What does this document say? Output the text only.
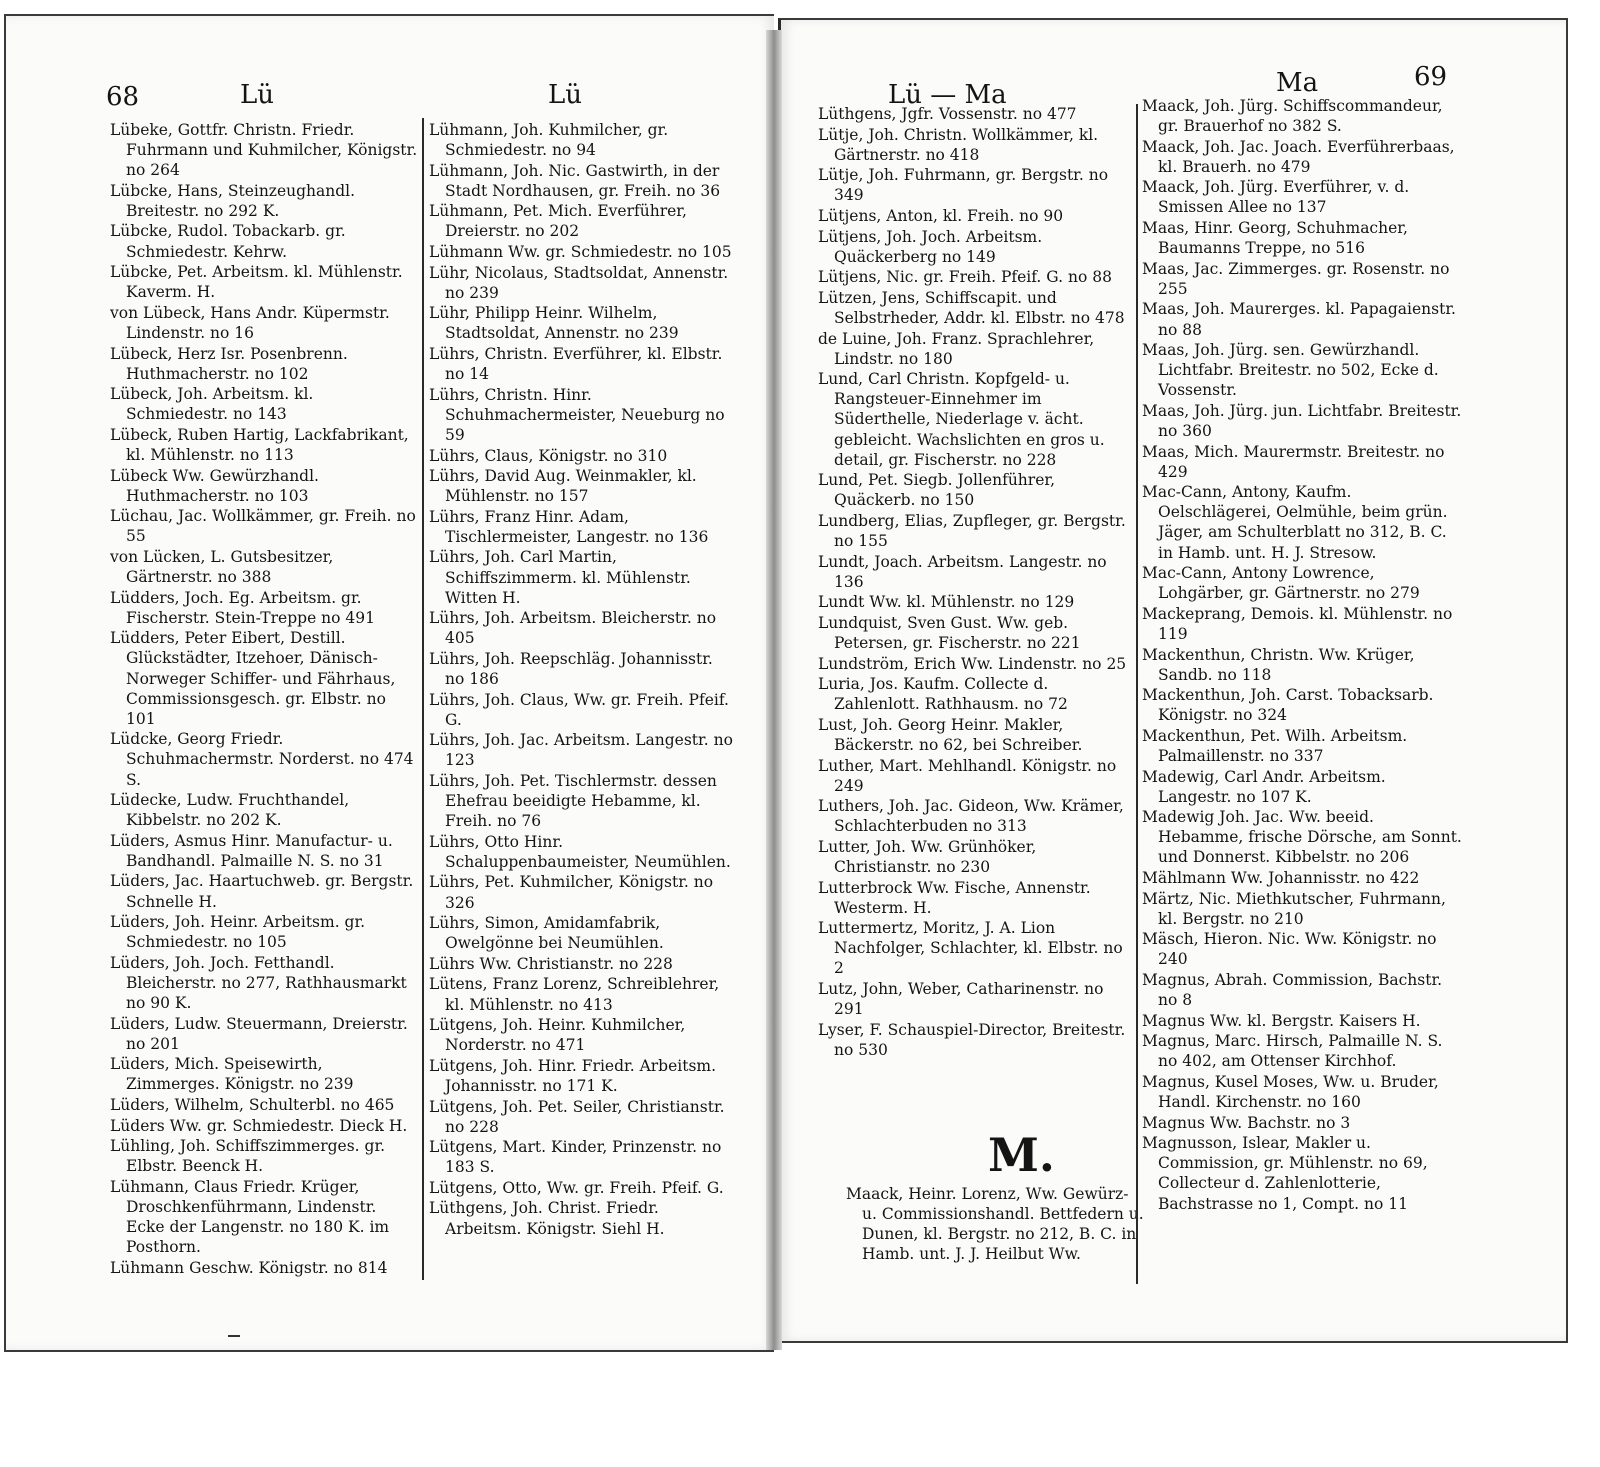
68	Lü	Lü

Lübeke, Gottfr. Christn. Friedr. Fuhrmann und Kuhmilcher, Königstr. no 264

Lübcke, Hans, Steinzeughandl. Breitestr. no 292 K.

Lübcke, Rudol. Tobackarb. gr. Schmiedestr. Kehrw.

Lübcke, Pet. Arbeitsm. kl. Mühlenstr. Kaverm. H.

von Lübeck, Hans Andr. Küpermstr. Lindenstr. no 16

Lübeck, Herz Isr. Posenbrenn. Huthmacherstr. no 102

Lübeck, Joh. Arbeitsm. kl. Schmiedestr. no 143

Lübeck, Ruben Hartig, Lackfabrikant, kl. Mühlenstr. no 113

Lübeck Ww. Gewürzhandl. Huthmacherstr. no 103

Lüchau, Jac. Wollkämmer, gr. Freih. no 55

von Lücken, L. Gutsbesitzer, Gärtnerstr. no 388

Lüdders, Joch. Eg. Arbeitsm. gr. Fischerstr. Stein-Treppe no 491

Lüdders, Peter Eibert, Destill. Glückstädter, Itzehoer, Dänisch-Norweger Schiffer- und Fährhaus, Commissionsgesch. gr. Elbstr. no 101

Lüdcke, Georg Friedr. Schuhmachermstr. Norderst. no 474 S.

Lüdecke, Ludw. Fruchthandel, Kibbelstr. no 202 K.

Lüders, Asmus Hinr. Manufactur- u. Bandhandl. Palmaille N. S. no 31

Lüders, Jac. Haartuchweb. gr. Bergstr. Schnelle H.

Lüders, Joh. Heinr. Arbeitsm. gr. Schmiedestr. no 105

Lüders, Joh. Joch. Fetthandl. Bleicherstr. no 277, Rathhausmarkt no 90 K.

Lüders, Ludw. Steuermann, Dreierstr. no 201

Lüders, Mich. Speisewirth, Zimmerges. Königstr. no 239

Lüders, Wilhelm, Schulterbl. no 465

Lüders Ww. gr. Schmiedestr. Dieck H.

Lühling, Joh. Schiffszimmerges. gr. Elbstr. Beenck H.

Lühmann, Claus Friedr. Krüger, Droschkenführmann, Lindenstr. Ecke der Langenstr. no 180 K. im Posthorn.

Lühmann Geschw. Königstr. no 814

Lühmann, Joh. Kuhmilcher, gr. Schmiedestr. no 94

Lühmann, Joh. Nic. Gastwirth, in der Stadt Nordhausen, gr. Freih. no 36

Lühmann, Pet. Mich. Everführer, Dreierstr. no 202

Lühmann Ww. gr. Schmiedestr. no 105

Lühr, Nicolaus, Stadtsoldat, Annenstr. no 239

Lühr, Philipp Heinr. Wilhelm, Stadtsoldat, Annenstr. no 239

Lührs, Christn. Everführer, kl. Elbstr. no 14

Lührs, Christn. Hinr. Schuhmachermeister, Neueburg no 59

Lührs, Claus, Königstr. no 310

Lührs, David Aug. Weinmakler, kl. Mühlenstr. no 157

Lührs, Franz Hinr. Adam, Tischlermeister, Langestr. no 136

Lührs, Joh. Carl Martin, Schiffszimmerm. kl. Mühlenstr. Witten H.

Lührs, Joh. Arbeitsm. Bleicherstr. no 405

Lührs, Joh. Reepschläg. Johannisstr. no 186

Lührs, Joh. Claus, Ww. gr. Freih. Pfeif. G.

Lührs, Joh. Jac. Arbeitsm. Langestr. no 123

Lührs, Joh. Pet. Tischlermstr. dessen Ehefrau beeidigte Hebamme, kl. Freih. no 76

Lührs, Otto Hinr. Schaluppenbaumeister, Neumühlen.

Lührs, Pet. Kuhmilcher, Königstr. no 326

Lührs, Simon, Amidamfabrik, Owelgönne bei Neumühlen.

Lührs Ww. Christianstr. no 228

Lütens, Franz Lorenz, Schreiblehrer, kl. Mühlenstr. no 413

Lütgens, Joh. Heinr. Kuhmilcher, Norderstr. no 471

Lütgens, Joh. Hinr. Friedr. Arbeitsm. Johannisstr. no 171 K.

Lütgens, Joh. Pet. Seiler, Christianstr. no 228

Lütgens, Mart. Kinder, Prinzenstr. no 183 S.

Lütgens, Otto, Ww. gr. Freih. Pfeif. G.

Lüthgens, Joh. Christ. Friedr. Arbeitsm. Königstr. Siehl H.

Lü — Ma	Ma	69

Lüthgens, Jgfr. Vossenstr. no 477

Lütje, Joh. Christn. Wollkämmer, kl. Gärtnerstr. no 418

Lütje, Joh. Fuhrmann, gr. Bergstr. no 349

Lütjens, Anton, kl. Freih. no 90

Lütjens, Joh. Joch. Arbeitsm. Quäckerberg no 149

Lütjens, Nic. gr. Freih. Pfeif. G. no 88

Lützen, Jens, Schiffscapit. und Selbstrheder, Addr. kl. Elbstr. no 478

de Luine, Joh. Franz. Sprachlehrer, Lindstr. no 180

Lund, Carl Christn. Kopfgeld- u. Rangsteuer-Einnehmer im Süderthelle, Niederlage v. ächt. gebleicht. Wachslichten en gros u. detail, gr. Fischerstr. no 228

Lund, Pet. Siegb. Jollenführer, Quäckerb. no 150

Lundberg, Elias, Zupfleger, gr. Bergstr. no 155

Lundt, Joach. Arbeitsm. Langestr. no 136

Lundt Ww. kl. Mühlenstr. no 129

Lundquist, Sven Gust. Ww. geb. Petersen, gr. Fischerstr. no 221

Lundström, Erich Ww. Lindenstr. no 25

Luria, Jos. Kaufm. Collecte d. Zahlenlott. Rathhausm. no 72

Lust, Joh. Georg Heinr. Makler, Bäckerstr. no 62, bei Schreiber.

Luther, Mart. Mehlhandl. Königstr. no 249

Luthers, Joh. Jac. Gideon, Ww. Krämer, Schlachterbuden no 313

Lutter, Joh. Ww. Grünhöker, Christianstr. no 230

Lutterbrock Ww. Fische, Annenstr. Westerm. H.

Luttermertz, Moritz, J. A. Lion Nachfolger, Schlachter, kl. Elbstr. no 2

Lutz, John, Weber, Catharinenstr. no 291

Lyser, F. Schauspiel-Director, Breitestr. no 530

M.

Maack, Heinr. Lorenz, Ww. Gewürz- u. Commissionshandl. Bettfedern u. Dunen, kl. Bergstr. no 212, B. C. in Hamb. unt. J. J. Heilbut Ww.

Maack, Joh. Jürg. Schiffscommandeur, gr. Brauerhof no 382 S.

Maack, Joh. Jac. Joach. Everführerbaas, kl. Brauerh. no 479

Maack, Joh. Jürg. Everführer, v. d. Smissen Allee no 137

Maas, Hinr. Georg, Schuhmacher, Baumanns Treppe, no 516

Maas, Jac. Zimmerges. gr. Rosenstr. no 255

Maas, Joh. Maurerges. kl. Papagaienstr. no 88

Maas, Joh. Jürg. sen. Gewürzhandl. Lichtfabr. Breitestr. no 502, Ecke d. Vossenstr.

Maas, Joh. Jürg. jun. Lichtfabr. Breitestr. no 360

Maas, Mich. Maurermstr. Breitestr. no 429

Mac-Cann, Antony, Kaufm. Oelschlägerei, Oelmühle, beim grün. Jäger, am Schulterblatt no 312, B. C. in Hamb. unt. H. J. Stresow.

Mac-Cann, Antony Lowrence, Lohgärber, gr. Gärtnerstr. no 279

Mackeprang, Demois. kl. Mühlenstr. no 119

Mackenthun, Christn. Ww. Krüger, Sandb. no 118

Mackenthun, Joh. Carst. Tobacksarb. Königstr. no 324

Mackenthun, Pet. Wilh. Arbeitsm. Palmaillenstr. no 337

Madewig, Carl Andr. Arbeitsm. Langestr. no 107 K.

Madewig Joh. Jac. Ww. beeid. Hebamme, frische Dörsche, am Sonnt. und Donnerst. Kibbelstr. no 206

Mählmann Ww. Johannisstr. no 422

Märtz, Nic. Miethkutscher, Fuhrmann, kl. Bergstr. no 210

Mäsch, Hieron. Nic. Ww. Königstr. no 240

Magnus, Abrah. Commission, Bachstr. no 8

Magnus Ww. kl. Bergstr. Kaisers H.

Magnus, Marc. Hirsch, Palmaille N. S. no 402, am Ottenser Kirchhof.

Magnus, Kusel Moses, Ww. u. Bruder, Handl. Kirchenstr. no 160

Magnus Ww. Bachstr. no 3

Magnusson, Islear, Makler u. Commission, gr. Mühlenstr. no 69, Collecteur d. Zahlenlotterie, Bachstrasse no 1, Compt. no 11
